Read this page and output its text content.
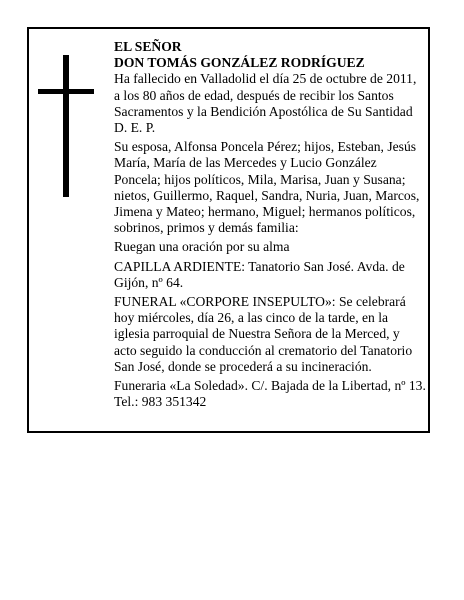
EL SEÑOR
DON TOMÁS GONZÁLEZ RODRÍGUEZ
Ha fallecido en Valladolid el día 25 de octubre de 2011,
a los 80 años de edad, después de recibir los Santos
Sacramentos y la Bendición Apostólica de Su Santidad
D. E. P.
Su esposa, Alfonsa Poncela Pérez; hijos, Esteban, Jesús
María, María de las Mercedes y Lucio González
Poncela; hijos políticos, Mila, Marisa, Juan y Susana;
nietos, Guillermo, Raquel, Sandra, Nuria, Juan, Marcos,
Jimena y Mateo; hermano, Miguel; hermanos políticos,
sobrinos, primos y demás familia:
Ruegan una oración por su alma
CAPILLA ARDIENTE: Tanatorio San José. Avda. de
Gijón, nº 64.
FUNERAL «CORPORE INSEPULTO»: Se celebrará
hoy miércoles, día 26, a las cinco de la tarde, en la
iglesia parroquial de Nuestra Señora de la Merced, y
acto seguido la conducción al crematorio del Tanatorio
San José, donde se procederá a su incineración.
Funeraria «La Soledad». C/. Bajada de la Libertad, nº 13.
Tel.: 983 351342
